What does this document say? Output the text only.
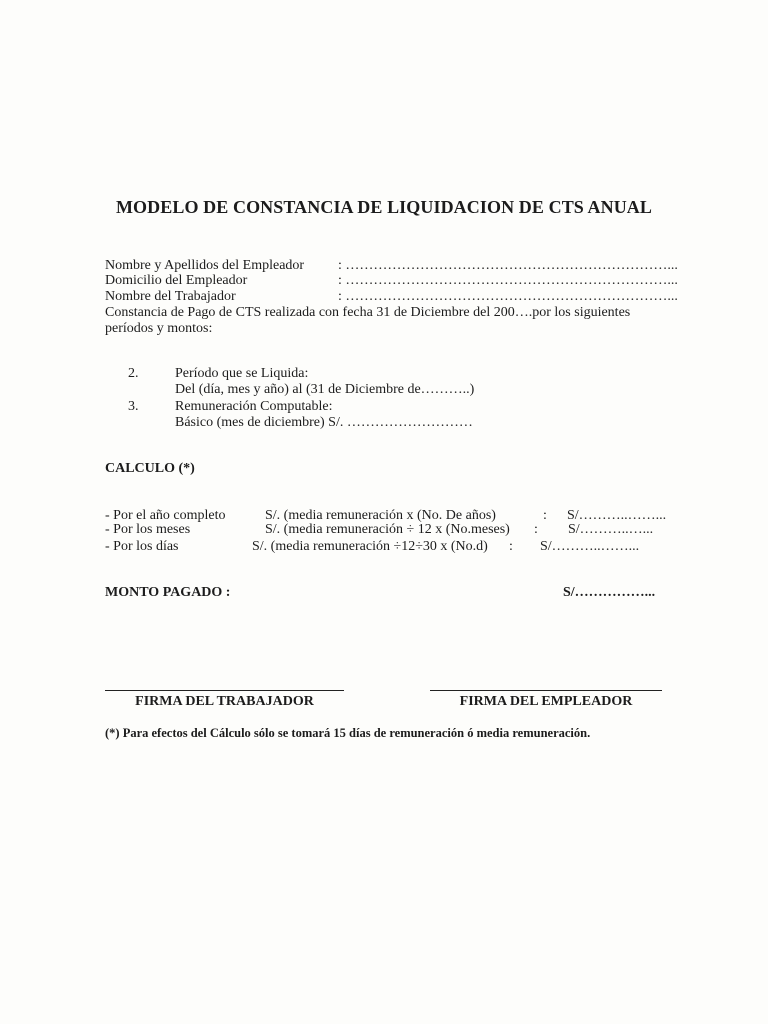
MODELO DE CONSTANCIA DE LIQUIDACION DE CTS ANUAL
Nombre y Apellidos del Empleador : ……………………………………………………………...
Domicilio del Empleador	: ……………………………………………………………...
Nombre del Trabajador	: ……………………………………………………………...
Constancia de Pago de CTS realizada con fecha 31 de Diciembre del 200….por los siguientes
períodos y montos:
2.	Período que se Liquida:
Del (día, mes y año) al (31 de Diciembre de………..)
3.	Remuneración Computable:
Básico (mes de diciembre) S/. ………………………
CALCULO (*)
- Por el año completo	S/. (media remuneración x (No. De años)	: S/………..……...
- Por los meses	S/. (media remuneración ÷ 12 x (No.meses) : S/………..…...
- Por los días	S/. (media remuneración ÷12÷30 x (No.d) : S/………..……...
MONTO PAGADO :	S/……………...
FIRMA DEL TRABAJADOR	FIRMA DEL EMPLEADOR
(*) Para efectos del Cálculo sólo se tomará 15 días de remuneración ó media remuneración.
